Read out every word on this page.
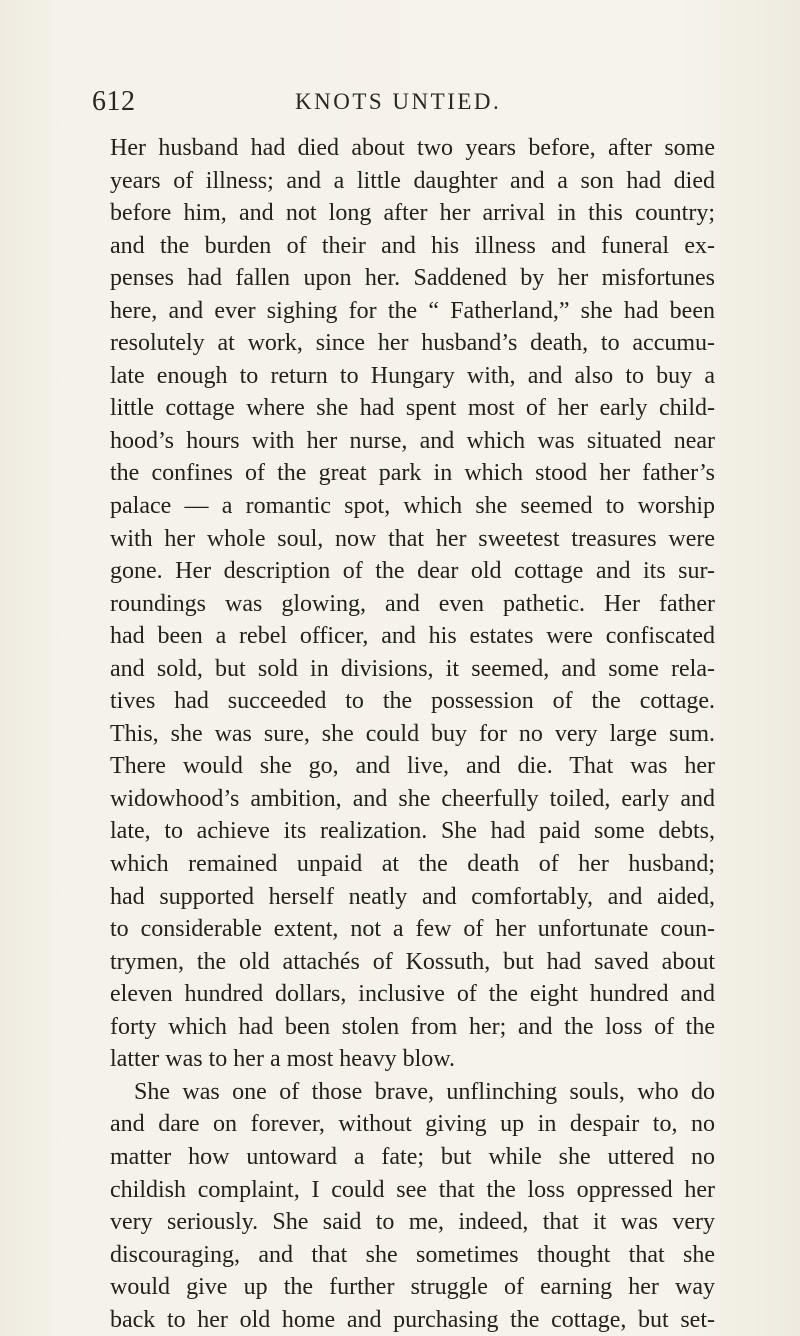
612	KNOTS UNTIED.
Her husband had died about two years before, after some
years of illness; and a little daughter and a son had died
before him, and not long after her arrival in this country;
and the burden of their and his illness and funeral ex-
penses had fallen upon her. Saddened by her misfortunes
here, and ever sighing for the “ Fatherland,” she had been
resolutely at work, since her husband’s death, to accumu-
late enough to return to Hungary with, and also to buy a
little cottage where she had spent most of her early child-
hood’s hours with her nurse, and which was situated near
the confines of the great park in which stood her father’s
palace — a romantic spot, which she seemed to worship
with her whole soul, now that her sweetest treasures were
gone. Her description of the dear old cottage and its sur-
roundings was glowing, and even pathetic. Her father
had been a rebel officer, and his estates were confiscated
and sold, but sold in divisions, it seemed, and some rela-
tives had succeeded to the possession of the cottage.
This, she was sure, she could buy for no very large sum.
There would she go, and live, and die. That was her
widowhood’s ambition, and she cheerfully toiled, early and
late, to achieve its realization. She had paid some debts,
which remained unpaid at the death of her husband;
had supported herself neatly and comfortably, and aided,
to considerable extent, not a few of her unfortunate coun-
trymen, the old attachés of Kossuth, but had saved about
eleven hundred dollars, inclusive of the eight hundred and
forty which had been stolen from her; and the loss of the
latter was to her a most heavy blow.
She was one of those brave, unflinching souls, who do
and dare on forever, without giving up in despair to, no
matter how untoward a fate; but while she uttered no
childish complaint, I could see that the loss oppressed her
very seriously. She said to me, indeed, that it was very
discouraging, and that she sometimes thought that she
would give up the further struggle of earning her way
back to her old home and purchasing the cottage, but set-
